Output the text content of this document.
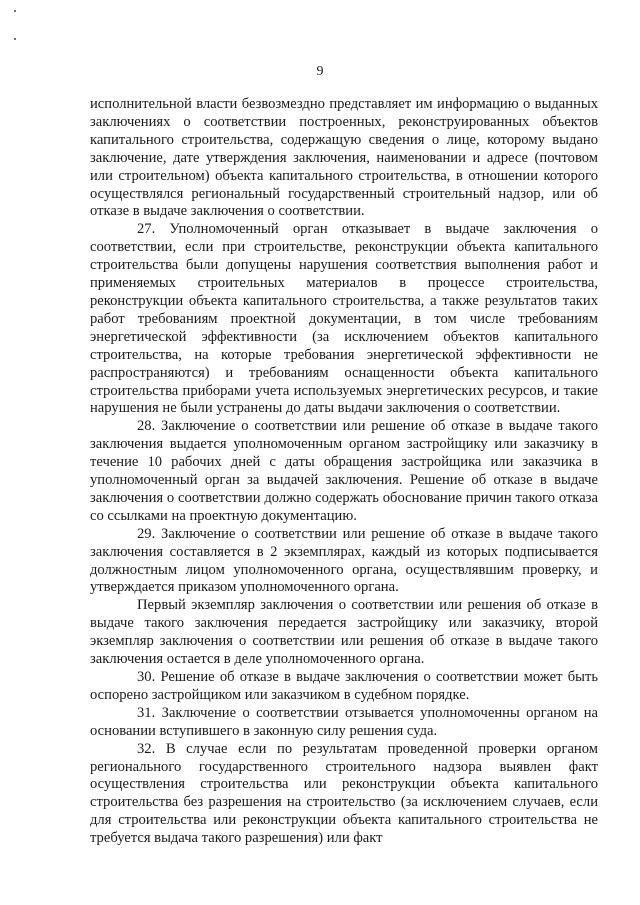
9

исполнительной власти безвозмездно представляет им информацию о выданных заключениях о соответствии построенных, реконструированных объектов капитального строительства, содержащую сведения о лице, которому выдано заключение, дате утверждения заключения, наименовании и адресе (почтовом или строительном) объекта капитального строительства, в отношении которого осуществлялся региональный государственный строительный надзор, или об отказе в выдаче заключения о соответствии.

27. Уполномоченный орган отказывает в выдаче заключения о соответствии, если при строительстве, реконструкции объекта капитального строительства были допущены нарушения соответствия выполнения работ и применяемых строительных материалов в процессе строительства, реконструкции объекта капитального строительства, а также результатов таких работ требованиям проектной документации, в том числе требованиям энергетической эффективности (за исключением объектов капитального строительства, на которые требования энергетической эффективности не распространяются) и требованиям оснащенности объекта капитального строительства приборами учета используемых энергетических ресурсов, и такие нарушения не были устранены до даты выдачи заключения о соответствии.

28. Заключение о соответствии или решение об отказе в выдаче такого заключения выдается уполномоченным органом застройщику или заказчику в течение 10 рабочих дней с даты обращения застройщика или заказчика в уполномоченный орган за выдачей заключения. Решение об отказе в выдаче заключения о соответствии должно содержать обоснование причин такого отказа со ссылками на проектную документацию.

29. Заключение о соответствии или решение об отказе в выдаче такого заключения составляется в 2 экземплярах, каждый из которых подписывается должностным лицом уполномоченного органа, осуществлявшим проверку, и утверждается приказом уполномоченного органа.

Первый экземпляр заключения о соответствии или решения об отказе в выдаче такого заключения передается застройщику или заказчику, второй экземпляр заключения о соответствии или решения об отказе в выдаче такого заключения остается в деле уполномоченного органа.

30. Решение об отказе в выдаче заключения о соответствии может быть оспорено застройщиком или заказчиком в судебном порядке.

31. Заключение о соответствии отзывается уполномоченны органом на основании вступившего в законную силу решения суда.

32. В случае если по результатам проведенной проверки органом регионального государственного строительного надзора выявлен факт осуществления строительства или реконструкции объекта капитального строительства без разрешения на строительство (за исключением случаев, если для строительства или реконструкции объекта капитального строительства не требуется выдача такого разрешения) или факт
